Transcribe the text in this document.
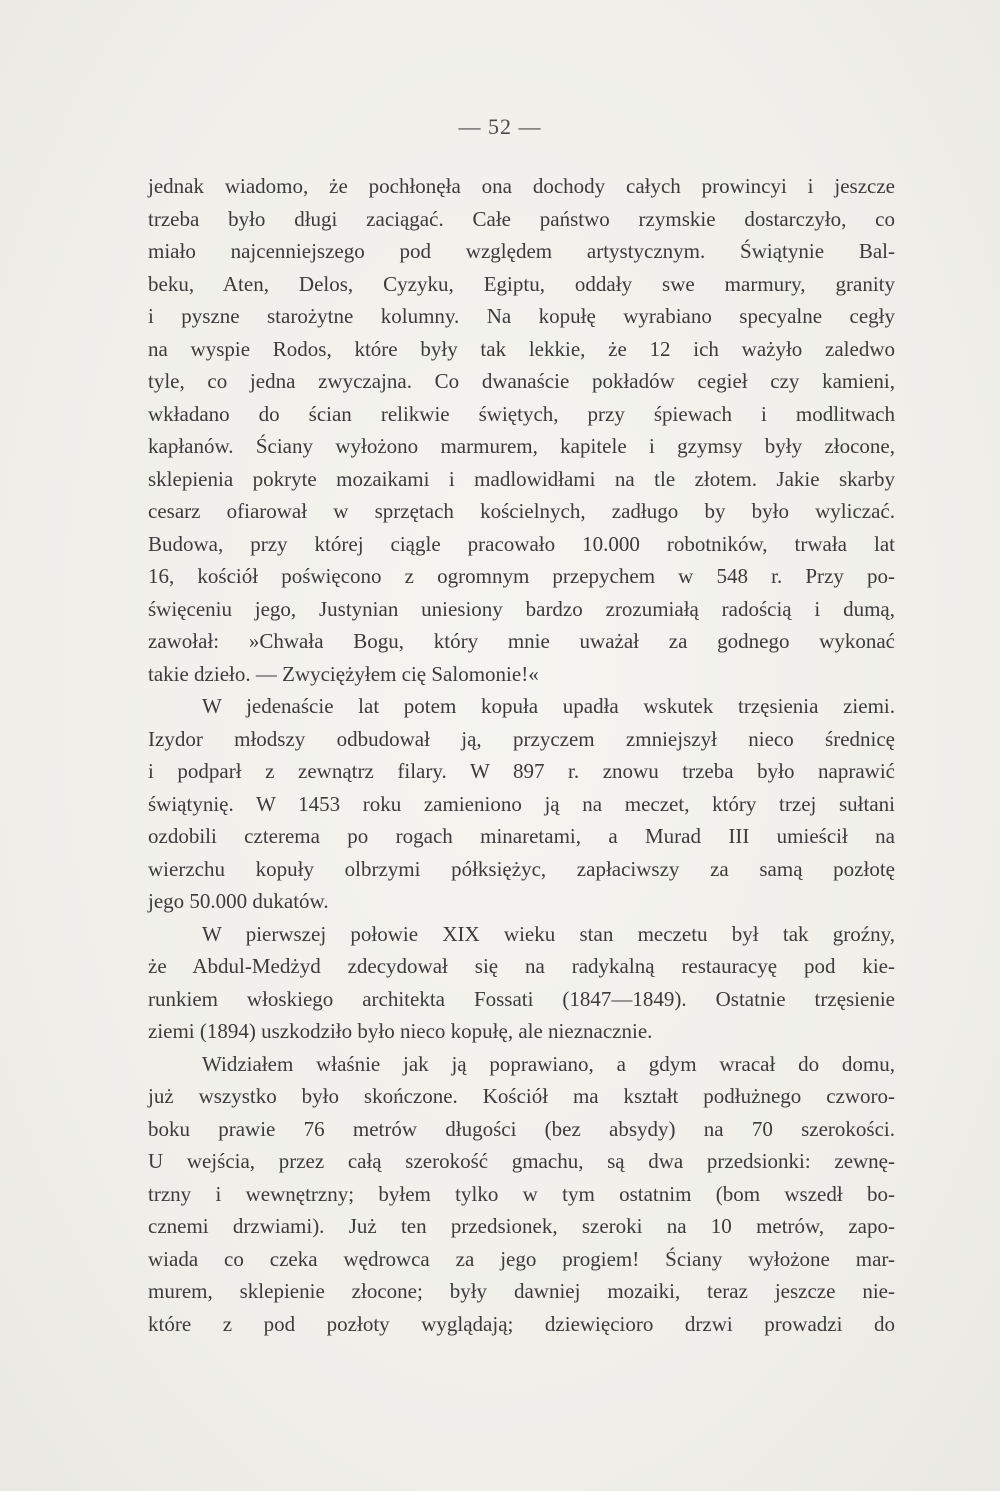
— 52 —
jednak wiadomo, że pochłonęła ona dochody całych prowincyi i jeszcze
trzeba było długi zaciągać. Całe państwo rzymskie dostarczyło, co
miało najcenniejszego pod względem artystycznym. Świątynie Bal-
beku, Aten, Delos, Cyzyku, Egiptu, oddały swe marmury, granity
i pyszne starożytne kolumny. Na kopułę wyrabiano specyalne cegły
na wyspie Rodos, które były tak lekkie, że 12 ich ważyło zaledwo
tyle, co jedna zwyczajna. Co dwanaście pokładów cegieł czy kamieni,
wkładano do ścian relikwie świętych, przy śpiewach i modlitwach
kapłanów. Ściany wyłożono marmurem, kapitele i gzymsy były złocone,
sklepienia pokryte mozaikami i madlowidłami na tle złotem. Jakie skarby
cesarz ofiarował w sprzętach kościelnych, zadługo by było wyliczać.
Budowa, przy której ciągle pracowało 10.000 robotników, trwała lat
16, kościół poświęcono z ogromnym przepychem w 548 r. Przy po-
święceniu jego, Justynian uniesiony bardzo zrozumiałą radością i dumą,
zawołał: »Chwała Bogu, który mnie uważał za godnego wykonać
takie dzieło. — Zwyciężyłem cię Salomonie!«
W jedenaście lat potem kopuła upadła wskutek trzęsienia ziemi.
Izydor młodszy odbudował ją, przyczem zmniejszył nieco średnicę
i podparł z zewnątrz filary. W 897 r. znowu trzeba było naprawić
świątynię. W 1453 roku zamieniono ją na meczet, który trzej sułtani
ozdobili czterema po rogach minaretami, a Murad III umieścił na
wierzchu kopuły olbrzymi półksiężyc, zapłaciwszy za samą pozłotę
jego 50.000 dukatów.
W pierwszej połowie XIX wieku stan meczetu był tak groźny,
że Abdul-Medżyd zdecydował się na radykalną restauracyę pod kie-
runkiem włoskiego architekta Fossati (1847—1849). Ostatnie trzęsienie
ziemi (1894) uszkodziło było nieco kopułę, ale nieznacznie.
Widziałem właśnie jak ją poprawiano, a gdym wracał do domu,
już wszystko było skończone. Kościół ma kształt podłużnego czworo-
boku prawie 76 metrów długości (bez absydy) na 70 szerokości.
U wejścia, przez całą szerokość gmachu, są dwa przedsionki: zewnę-
trzny i wewnętrzny; byłem tylko w tym ostatnim (bom wszedł bo-
cznemi drzwiami). Już ten przedsionek, szeroki na 10 metrów, zapo-
wiada co czeka wędrowca za jego progiem! Ściany wyłożone mar-
murem, sklepienie złocone; były dawniej mozaiki, teraz jeszcze nie-
które z pod pozłoty wyglądają; dziewięcioro drzwi prowadzi do
